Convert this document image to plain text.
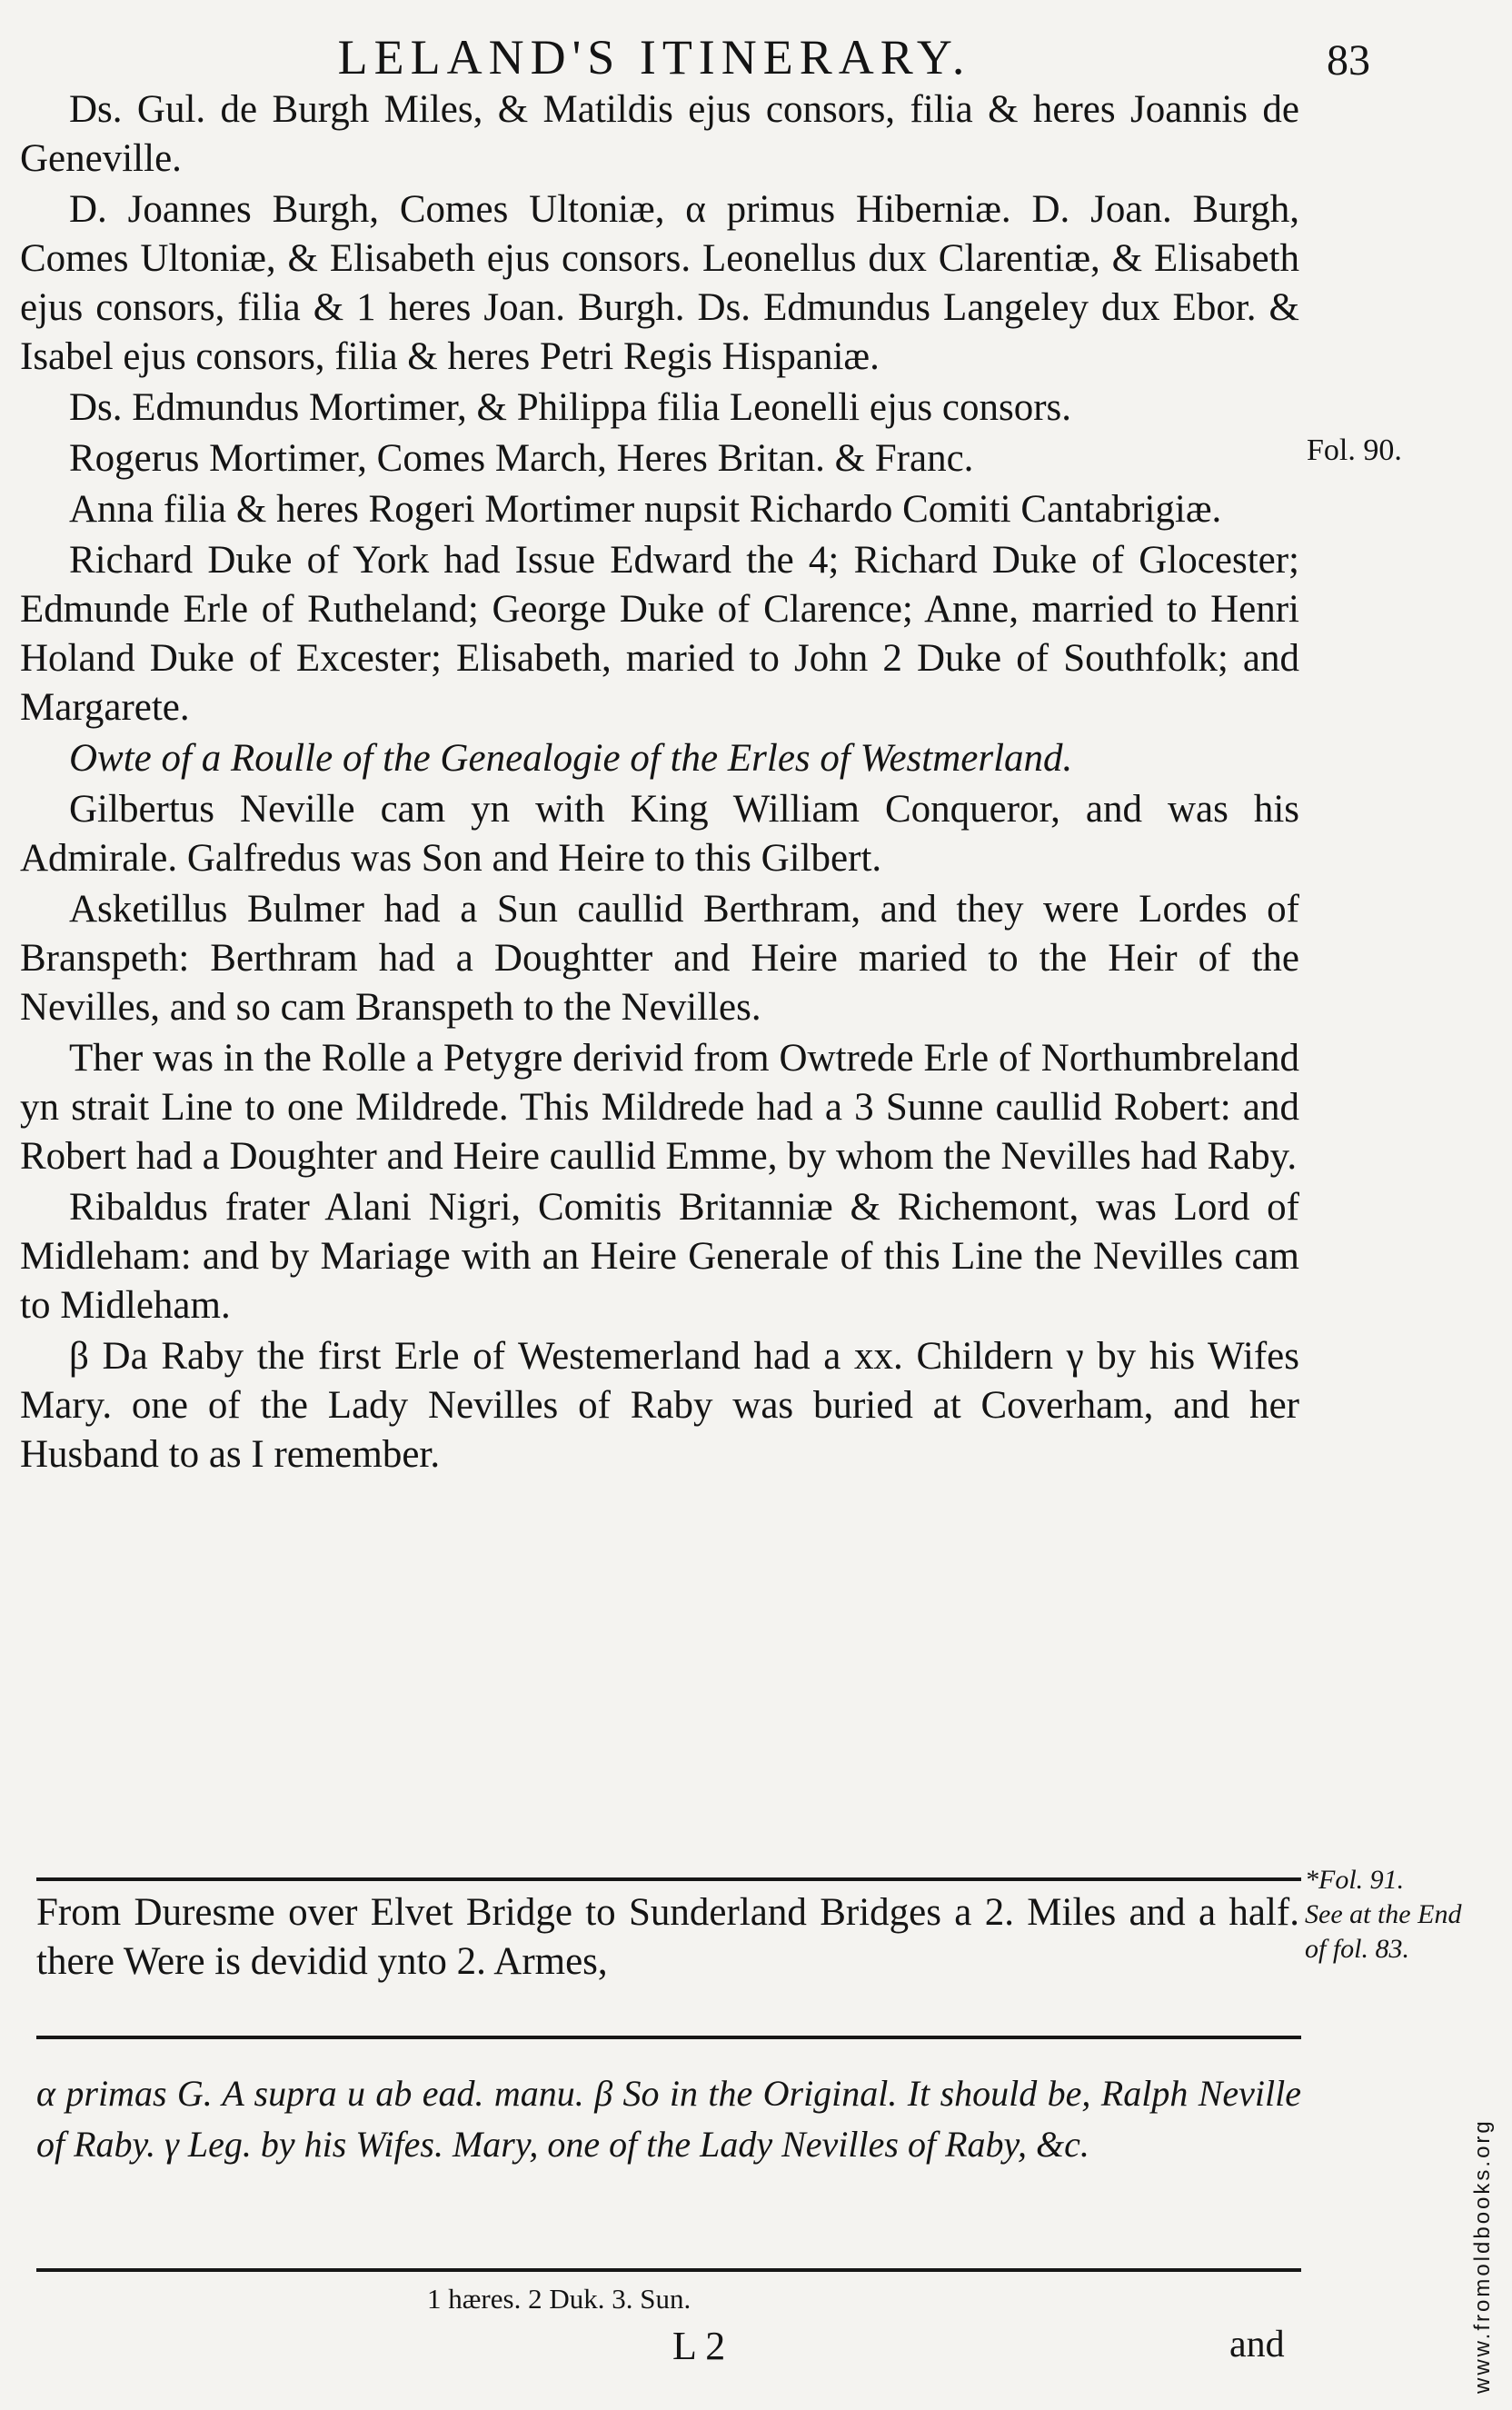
LELAND'S ITINERARY.	83

Ds. Gul. de Burgh Miles, & Matildis ejus consors, filia & heres Joannis de Geneville.

D. Joannes Burgh, Comes Ultoniæ, α primus Hiberniæ. D. Joan. Burgh, Comes Ultoniæ, & Elisabeth ejus consors. Leonellus dux Clarentiæ, & Elisabeth ejus consors, filia & 1 heres Joan. Burgh. Ds. Edmundus Langeley dux Ebor. & Isabel ejus consors, filia & heres Petri Regis Hispaniæ.

Ds. Edmundus Mortimer, & Philippa filia Leonelli ejus consors.

Rogerus Mortimer, Comes March, Heres Britan. & Franc.

Anna filia & heres Rogeri Mortimer nupsit Richardo Comiti Cantabrigiæ.

Richard Duke of York had Issue Edward the 4; Richard Duke of Glocester; Edmunde Erle of Rutheland; George Duke of Clarence; Anne, married to Henri Holand Duke of Excester; Elisabeth, maried to John 2 Duke of Southfolk; and Margarete.

Owte of a Roulle of the Genealogie of the Erles of Westmerland.

Gilbertus Neville cam yn with King William Conqueror, and was his Admirale. Galfredus was Son and Heire to this Gilbert.

Asketillus Bulmer had a Sun caullid Berthram, and they were Lordes of Branspeth: Berthram had a Doughtter and Heire maried to the Heir of the Nevilles, and so cam Branspeth to the Nevilles.

Ther was in the Rolle a Petygre derivid from Owtrede Erle of Northumbreland yn strait Line to one Mildrede. This Mildrede had a 3 Sunne caullid Robert: and Robert had a Doughter and Heire caullid Emme, by whom the Nevilles had Raby.

Ribaldus frater Alani Nigri, Comitis Britanniæ & Richemont, was Lord of Midleham: and by Mariage with an Heire Generale of this Line the Nevilles cam to Midleham.

β Da Raby the first Erle of Westemerland had a xx. Childern γ by his Wifes Mary. one of the Lady Nevilles of Raby was buried at Coverham, and her Husband to as I remember.

Fol. 90.
From Duresme over Elvet Bridge to Sunderland Bridges a 2. Miles and a half. there Were is devidid ynto 2. Armes,
*Fol. 91.
See at the End of fol. 83.
α primas G. A supra u ab ead. manu. β So in the Original. It should be, Ralph Neville of Raby. γ Leg. by his Wifes. Mary, one of the Lady Nevilles of Raby, &c.
1 hæres. 2 Duk. 3. Sun.
L 2	and	www.fromoldbooks.org
